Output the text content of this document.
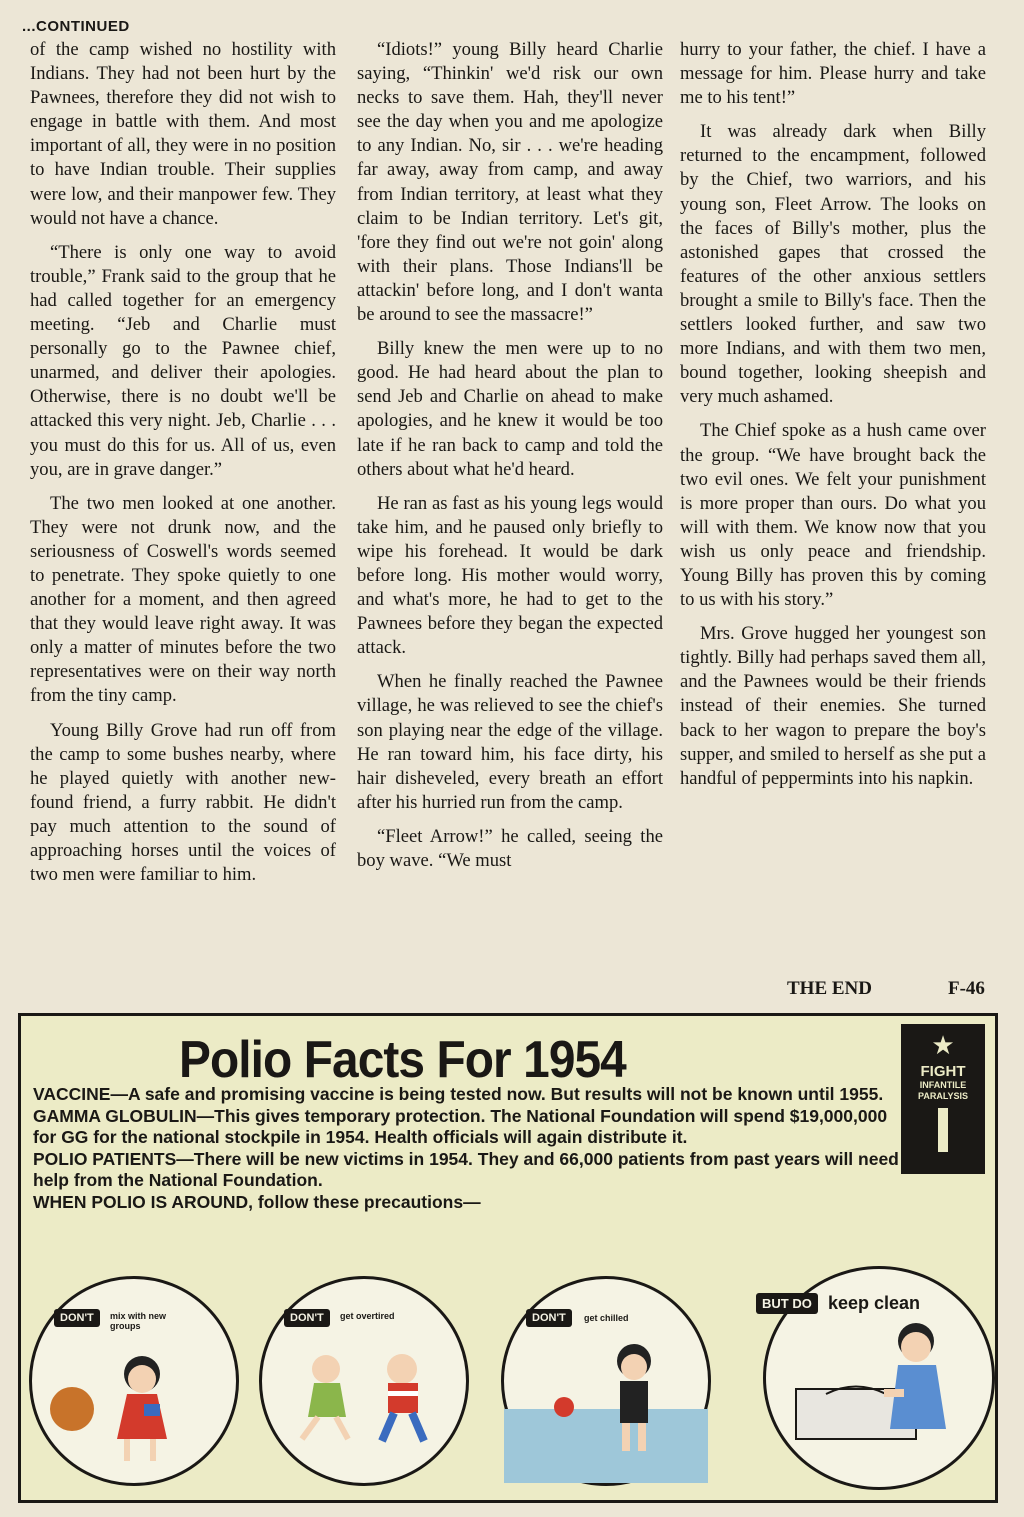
...CONTINUED

of the camp wished no hostility with Indians. They had not been hurt by the Pawnees, therefore they did not wish to engage in battle with them. And most important of all, they were in no position to have Indian trouble. Their supplies were low, and their manpower few. They would not have a chance.

“There is only one way to avoid trouble,” Frank said to the group that he had called together for an emergency meeting. “Jeb and Charlie must personally go to the Pawnee chief, unarmed, and deliver their apologies. Otherwise, there is no doubt we'll be attacked this very night. Jeb, Charlie . . . you must do this for us. All of us, even you, are in grave danger.”

The two men looked at one another. They were not drunk now, and the seriousness of Coswell's words seemed to penetrate. They spoke quietly to one another for a moment, and then agreed that they would leave right away. It was only a matter of minutes before the two representatives were on their way north from the tiny camp.

Young Billy Grove had run off from the camp to some bushes nearby, where he played quietly with another new-found friend, a furry rabbit. He didn't pay much attention to the sound of approaching horses until the voices of two men were familiar to him.

“Idiots!” young Billy heard Charlie saying, “Thinkin' we'd risk our own necks to save them. Hah, they'll never see the day when you and me apologize to any Indian. No, sir . . . we're heading far away, away from camp, and away from Indian territory, at least what they claim to be Indian territory. Let's git, 'fore they find out we're not goin' along with their plans. Those Indians'll be attackin' before long, and I don't wanta be around to see the massacre!”

Billy knew the men were up to no good. He had heard about the plan to send Jeb and Charlie on ahead to make apologies, and he knew it would be too late if he ran back to camp and told the others about what he'd heard.

He ran as fast as his young legs would take him, and he paused only briefly to wipe his forehead. It would be dark before long. His mother would worry, and what's more, he had to get to the Pawnees before they began the expected attack.

When he finally reached the Pawnee village, he was relieved to see the chief's son playing near the edge of the village. He ran toward him, his face dirty, his hair disheveled, every breath an effort after his hurried run from the camp.

“Fleet Arrow!” he called, seeing the boy wave. “We must

hurry to your father, the chief. I have a message for him. Please hurry and take me to his tent!”

It was already dark when Billy returned to the encampment, followed by the Chief, two warriors, and his young son, Fleet Arrow. The looks on the faces of Billy's mother, plus the astonished gapes that crossed the features of the other anxious settlers brought a smile to Billy's face. Then the settlers looked further, and saw two more Indians, and with them two men, bound together, looking sheepish and very much ashamed.

The Chief spoke as a hush came over the group. “We have brought back the two evil ones. We felt your punishment is more proper than ours. Do what you will with them. We know now that you wish us only peace and friendship. Young Billy has proven this by coming to us with his story.”

Mrs. Grove hugged her youngest son tightly. Billy had perhaps saved them all, and the Pawnees would be their friends instead of their enemies. She turned back to her wagon to prepare the boy's supper, and smiled to herself as she put a handful of peppermints into his napkin.

THE END	F-46
Polio Facts For 1954	★
FIGHT
INFANTILE
PARALYSIS
VACCINE—A safe and promising vaccine is being tested now. But results will not be known until 1955.
GAMMA GLOBULIN—This gives temporary protection. The National Foundation will spend $19,000,000 for GG for the national stockpile in 1954. Health officials will again distribute it.
POLIO PATIENTS—There will be new victims in 1954. They and 66,000 patients from past years will need help from the National Foundation.
WHEN POLIO IS AROUND, follow these precautions—
DON'T	mix with new groups
DON'T	get overtired	DON'T	get chilled
BUT DO keep clean
